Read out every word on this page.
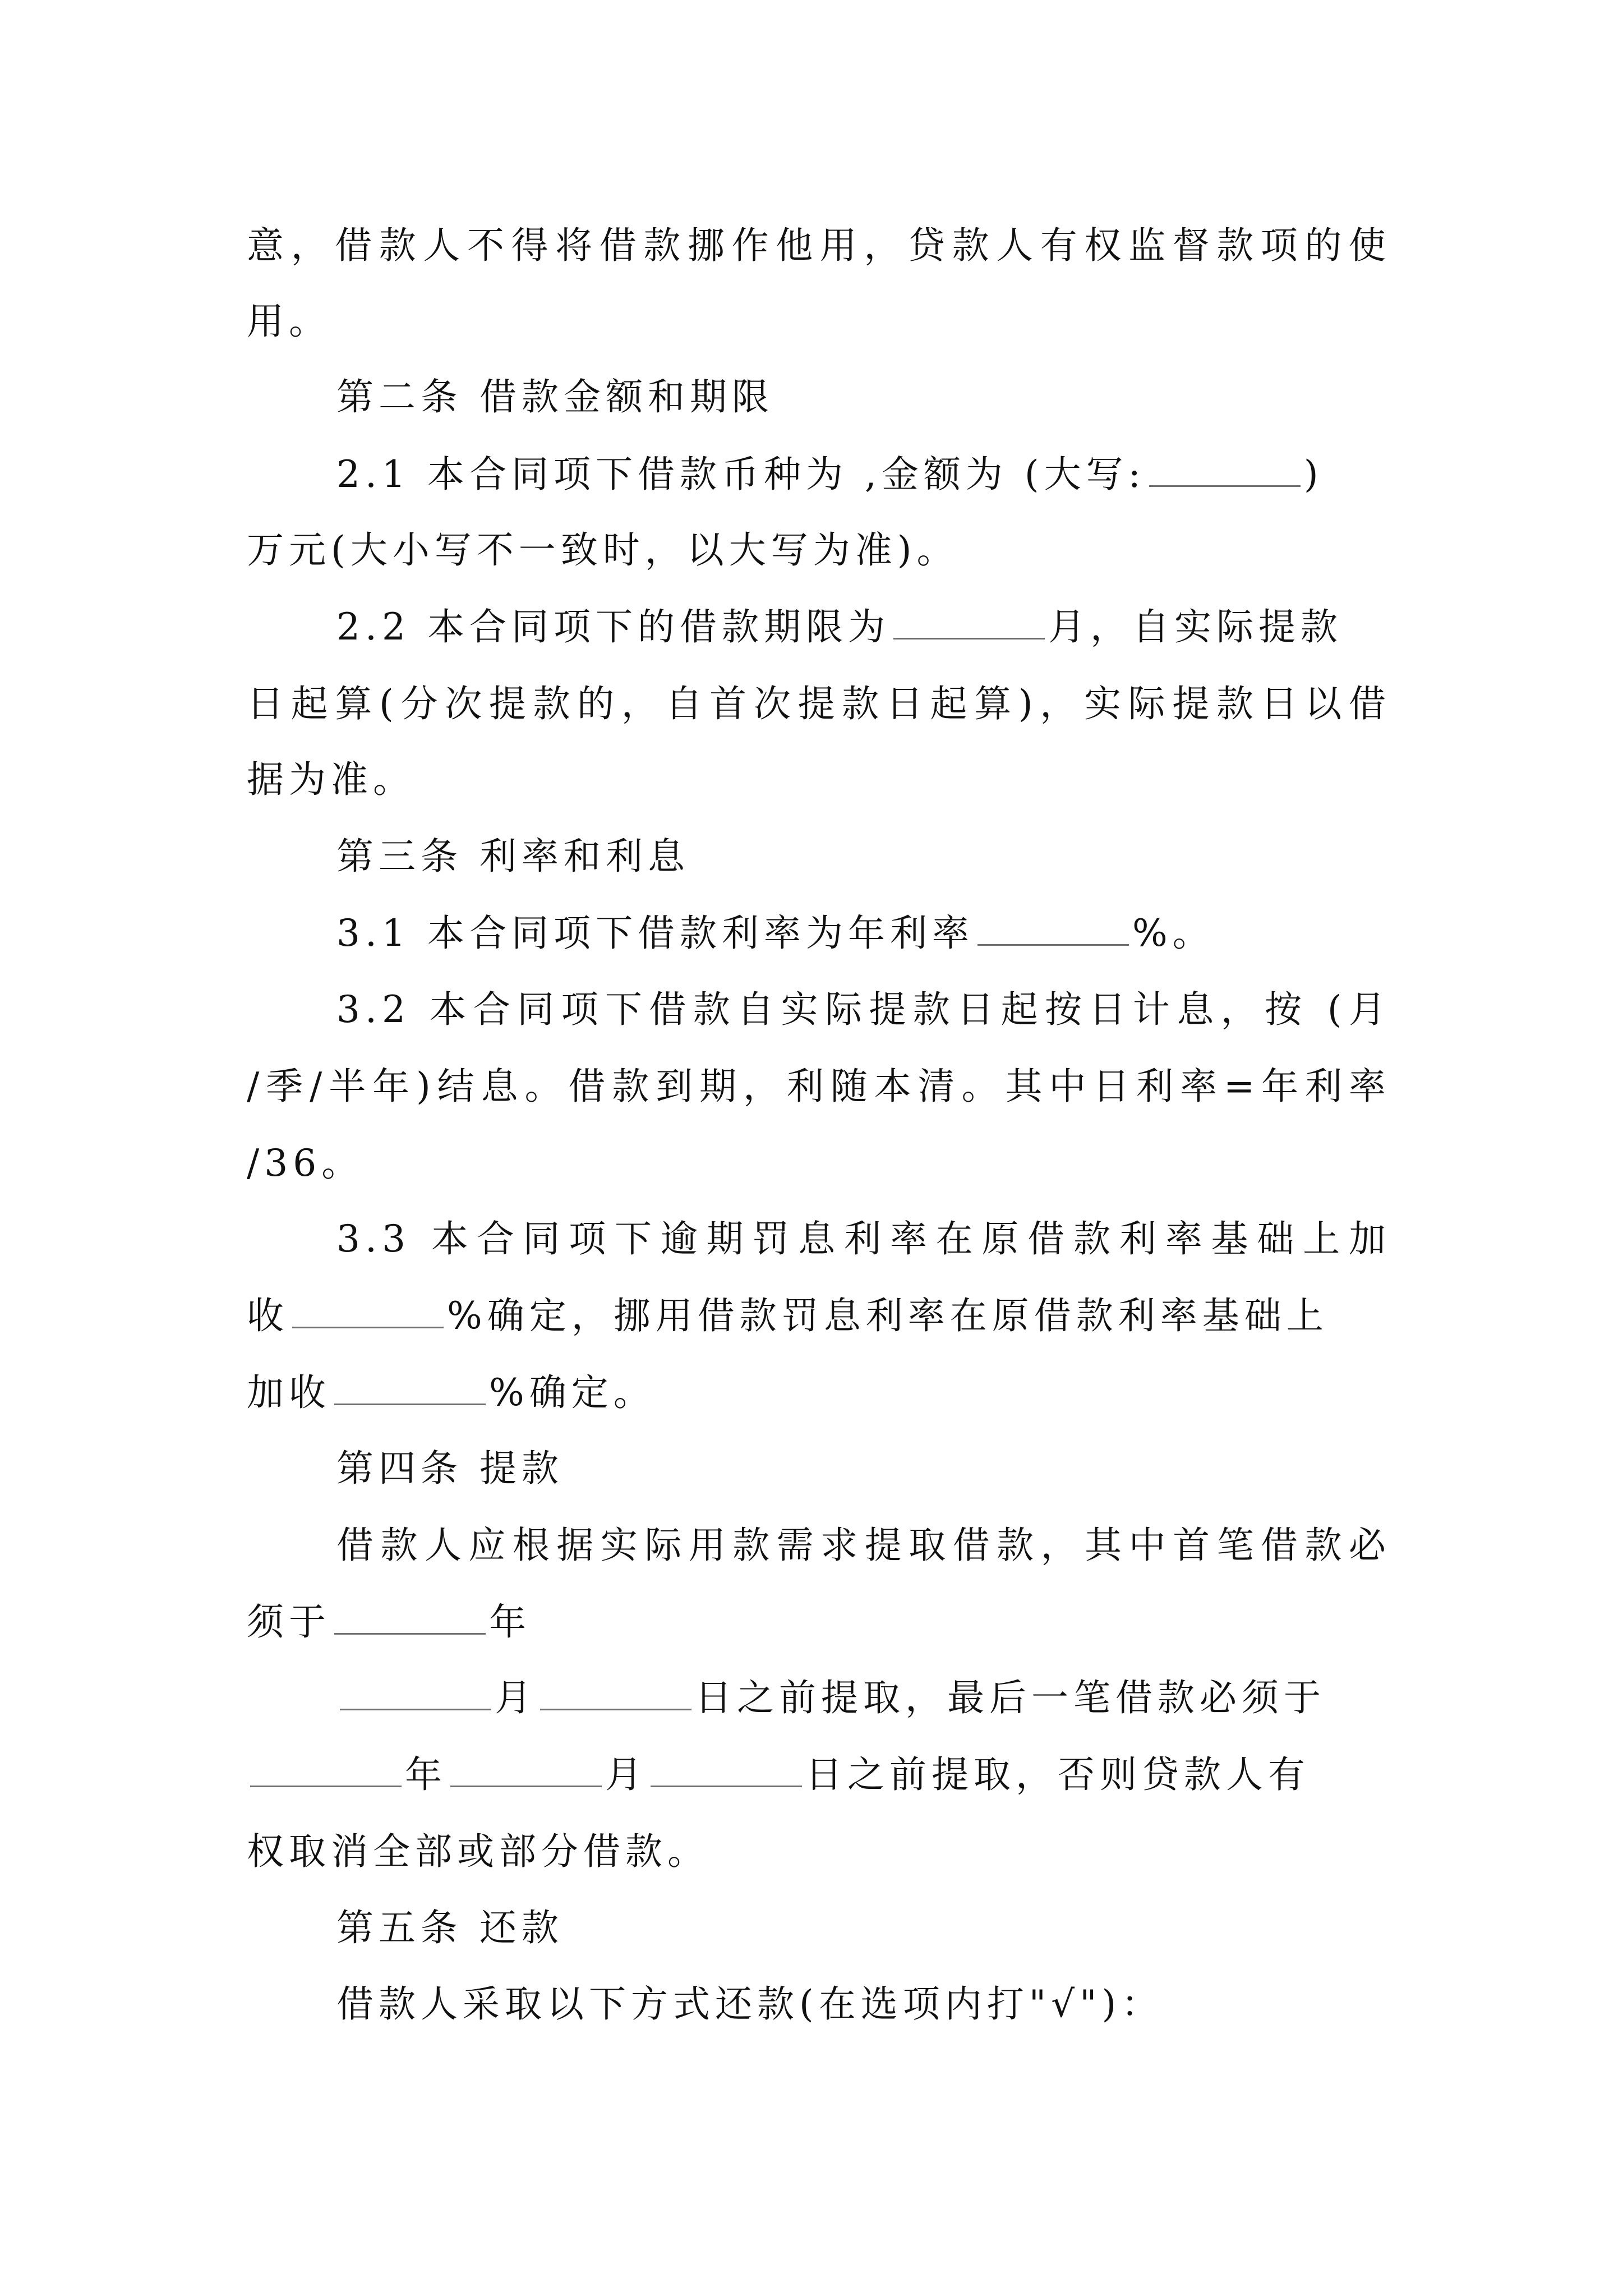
意，借款人不得将借款挪作他用，贷款人有权监督款项的使

用。

第二条 借款金额和期限

2.1 本合同项下借款币种为 ,金额为 (大写:	)

万元(大小写不一致时，以大写为准)。

2.2 本合同项下的借款期限为	月，自实际提款

日起算(分次提款的，自首次提款日起算)，实际提款日以借

据为准。

第三条 利率和利息

3.1 本合同项下借款利率为年利率	%。

3.2 本合同项下借款自实际提款日起按日计息，按 (月

/季/半年)结息。借款到期，利随本清。其中日利率=年利率

/36。

3.3 本合同项下逾期罚息利率在原借款利率基础上加

收	%确定，挪用借款罚息利率在原借款利率基础上

加收	%确定。

第四条 提款

借款人应根据实际用款需求提取借款，其中首笔借款必

须于	年

月	日之前提取，最后一笔借款必须于

年	月	日之前提取，否则贷款人有

权取消全部或部分借款。

第五条 还款

借款人采取以下方式还款(在选项内打"√")：
